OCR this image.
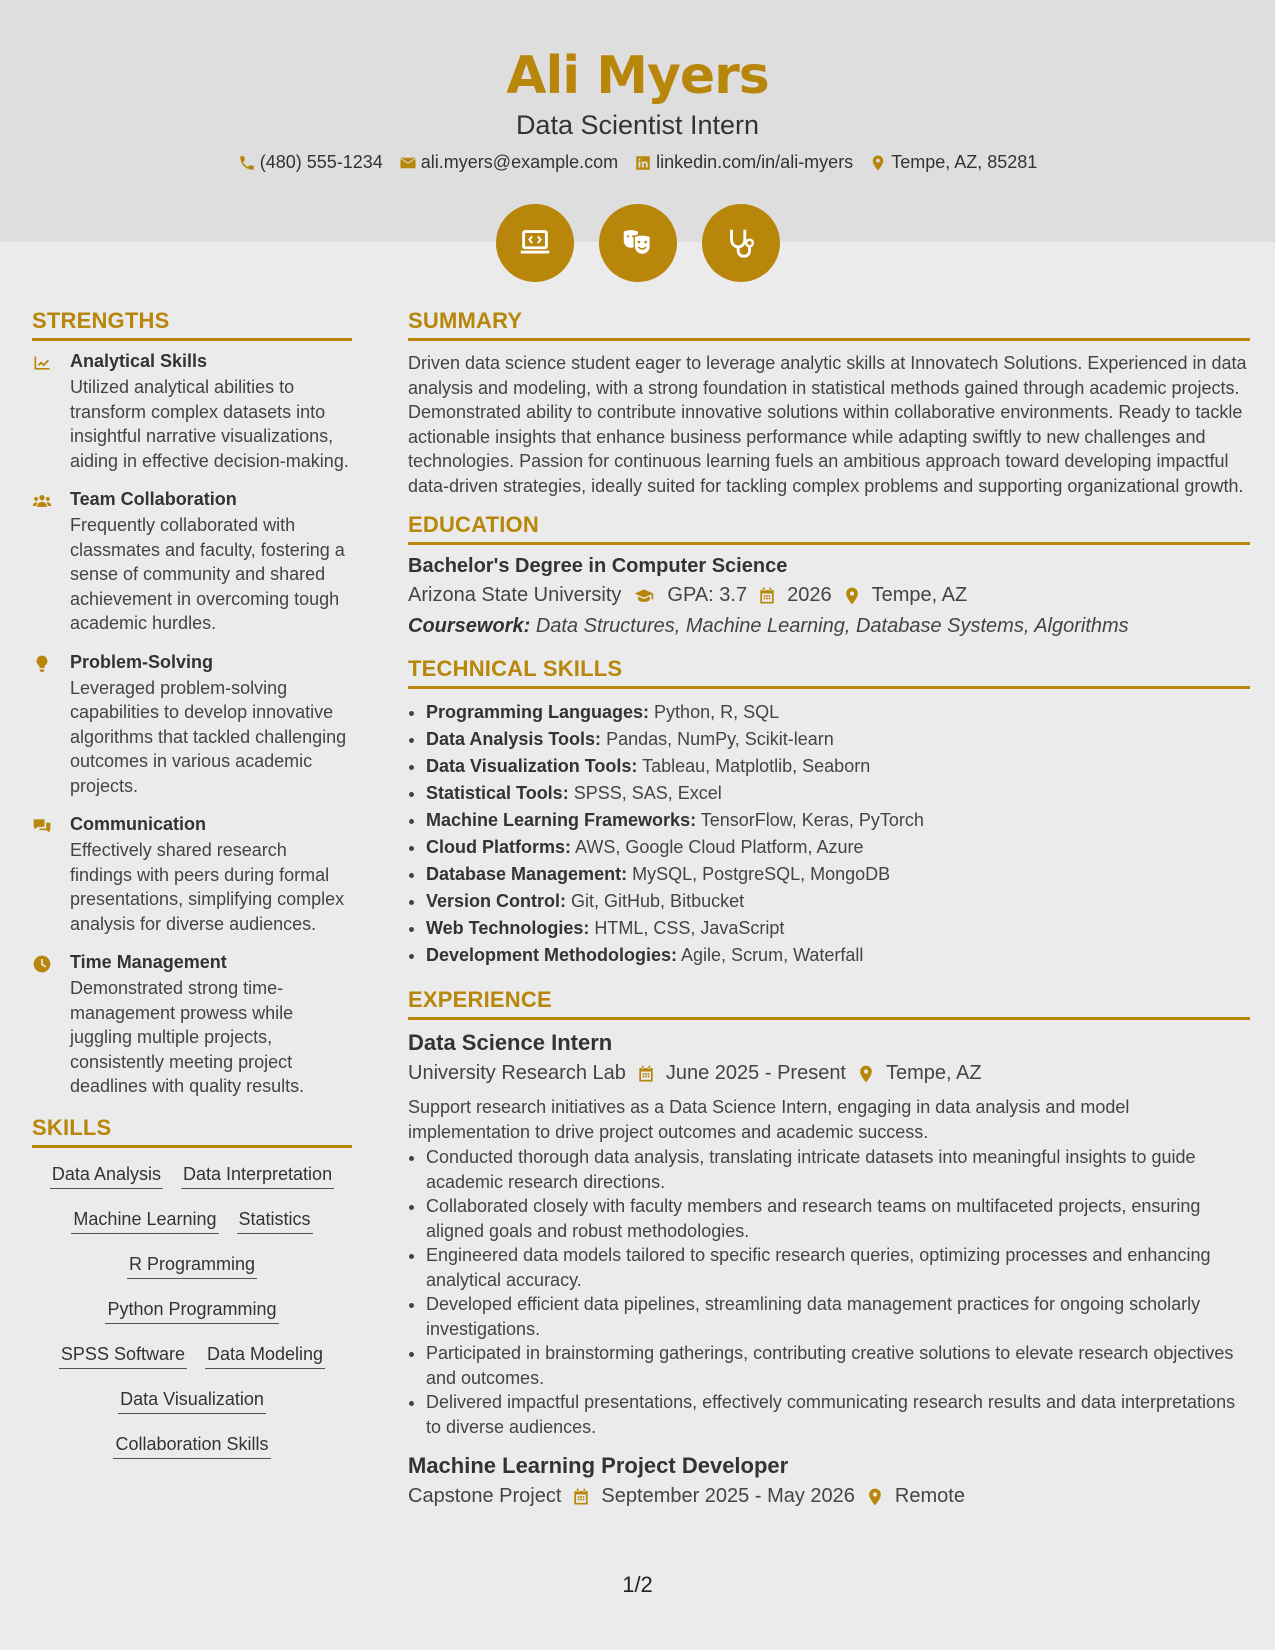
Ali Myers
Data Scientist Intern
(480) 555-1234 ali.myers@example.com linkedin.com/in/ali-myers Tempe, AZ, 85281
STRENGTHS
Analytical Skills
Utilized analytical abilities to transform complex datasets into insightful narrative visualizations, aiding in effective decision-making.
Team Collaboration
Frequently collaborated with classmates and faculty, fostering a sense of community and shared achievement in overcoming tough academic hurdles.
Problem-Solving
Leveraged problem-solving capabilities to develop innovative algorithms that tackled challenging outcomes in various academic projects.
Communication
Effectively shared research findings with peers during formal presentations, simplifying complex analysis for diverse audiences.
Time Management
Demonstrated strong time-management prowess while juggling multiple projects, consistently meeting project deadlines with quality results.
SKILLS
Data Analysis Data Interpretation
Machine Learning Statistics
R Programming
Python Programming
SPSS Software Data Modeling
Data Visualization
Collaboration Skills
SUMMARY
Driven data science student eager to leverage analytic skills at Innovatech Solutions. Experienced in data analysis and modeling, with a strong foundation in statistical methods gained through academic projects. Demonstrated ability to contribute innovative solutions within collaborative environments. Ready to tackle actionable insights that enhance business performance while adapting swiftly to new challenges and technologies. Passion for continuous learning fuels an ambitious approach toward developing impactful data-driven strategies, ideally suited for tackling complex problems and supporting organizational growth.
EDUCATION
Bachelor's Degree in Computer Science
Arizona State University GPA: 3.7 2026 Tempe, AZ
Coursework: Data Structures, Machine Learning, Database Systems, Algorithms
TECHNICAL SKILLS
• Programming Languages: Python, R, SQL
• Data Analysis Tools: Pandas, NumPy, Scikit-learn
• Data Visualization Tools: Tableau, Matplotlib, Seaborn
• Statistical Tools: SPSS, SAS, Excel
• Machine Learning Frameworks: TensorFlow, Keras, PyTorch
• Cloud Platforms: AWS, Google Cloud Platform, Azure
• Database Management: MySQL, PostgreSQL, MongoDB
• Version Control: Git, GitHub, Bitbucket
• Web Technologies: HTML, CSS, JavaScript
• Development Methodologies: Agile, Scrum, Waterfall
EXPERIENCE
Data Science Intern
University Research Lab June 2025 - Present Tempe, AZ
Support research initiatives as a Data Science Intern, engaging in data analysis and model implementation to drive project outcomes and academic success.
• Conducted thorough data analysis, translating intricate datasets into meaningful insights to guide academic research directions.
• Collaborated closely with faculty members and research teams on multifaceted projects, ensuring aligned goals and robust methodologies.
• Engineered data models tailored to specific research queries, optimizing processes and enhancing analytical accuracy.
• Developed efficient data pipelines, streamlining data management practices for ongoing scholarly investigations.
• Participated in brainstorming gatherings, contributing creative solutions to elevate research objectives and outcomes.
• Delivered impactful presentations, effectively communicating research results and data interpretations to diverse audiences.
Machine Learning Project Developer
Capstone Project September 2025 - May 2026 Remote
1/2
